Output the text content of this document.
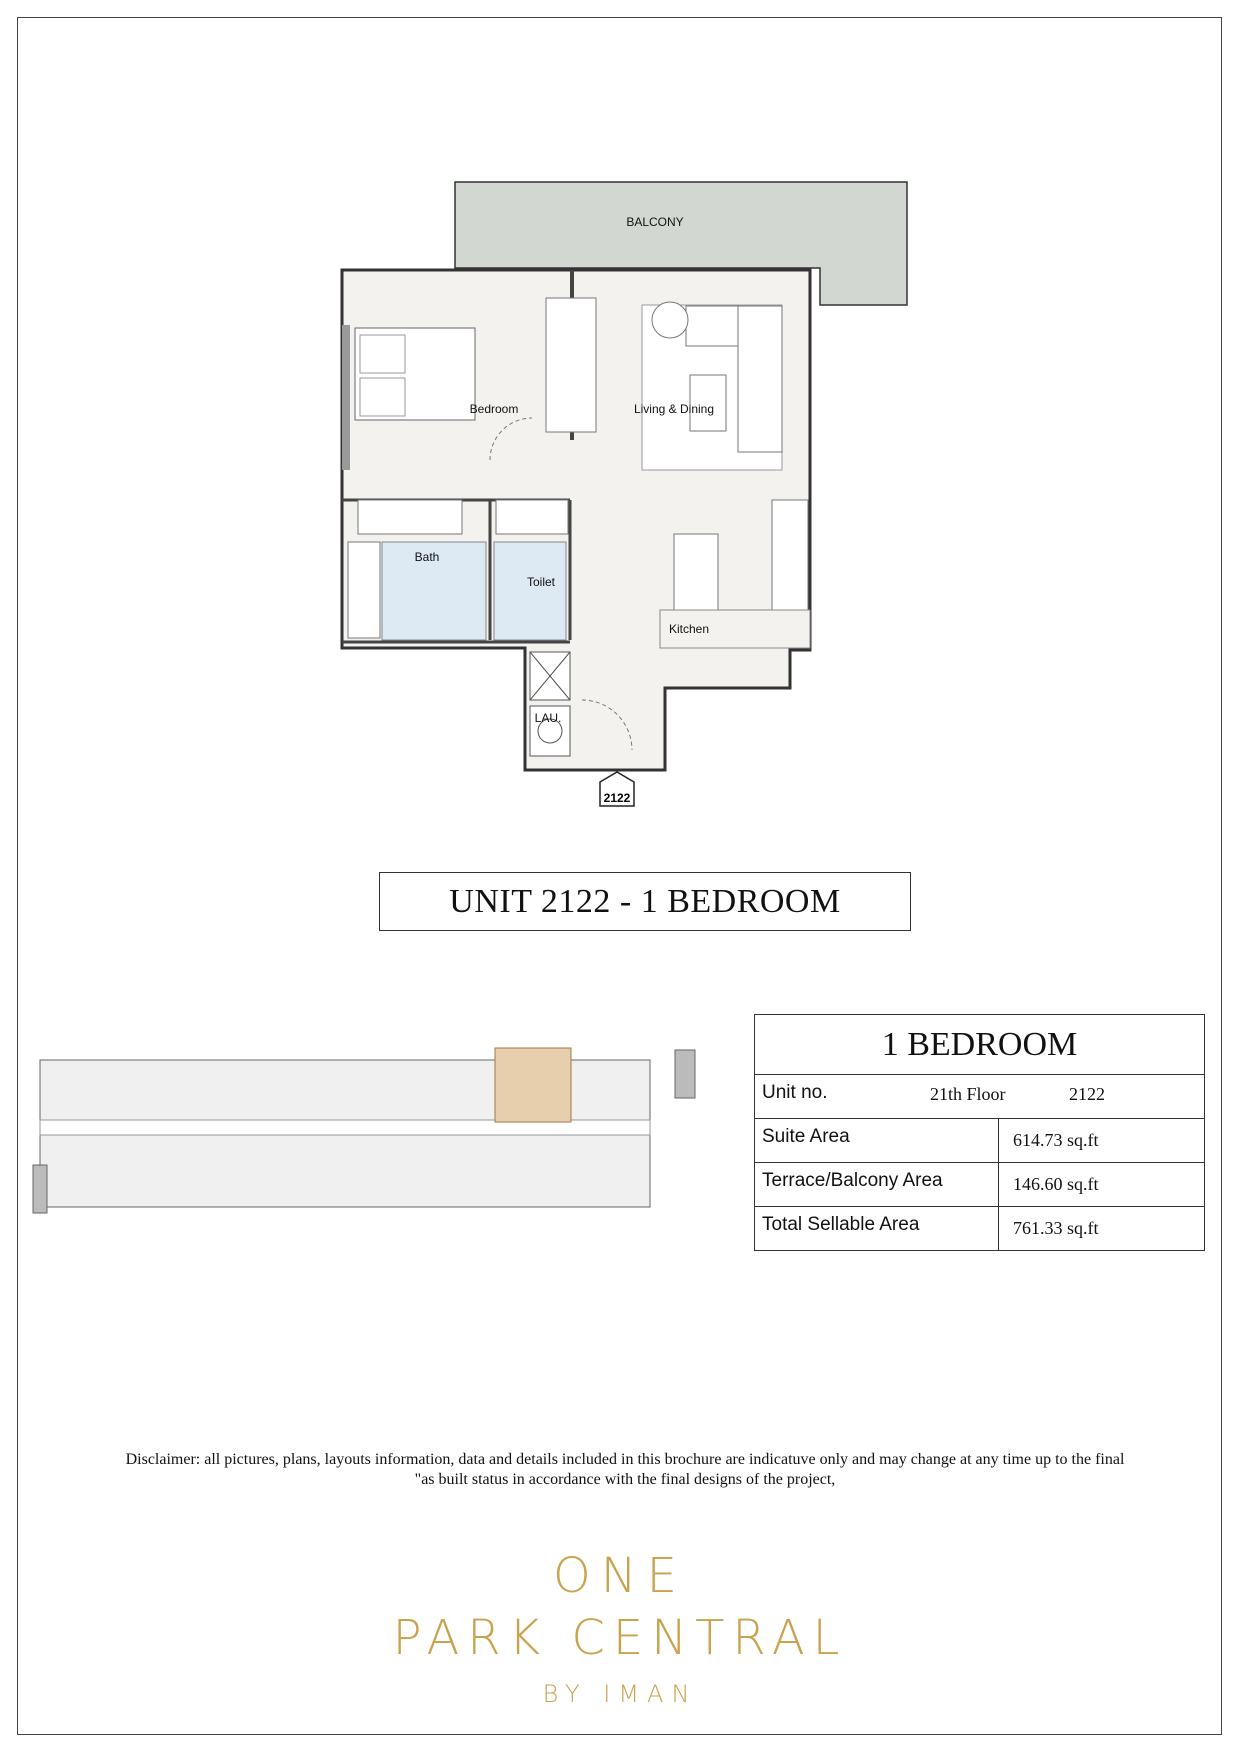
BALCONY
Bedroom	Living & Dining
Bath
Toilet
Kitchen
LAU.
2122
UNIT 2122 - 1 BEDROOM
1 BEDROOM
Unit no.	21th Floor	2122
Suite Area	614.73 sq.ft
Terrace/Balcony Area	146.60 sq.ft
Total Sellable Area	761.33 sq.ft
Disclaimer: all pictures, plans, layouts information, data and details included in this brochure are indicatuve only and may change at any time up to the final
"as built status in accordance with the final designs of the project,
ONE
PARK CENTRAL
BY IMAN
